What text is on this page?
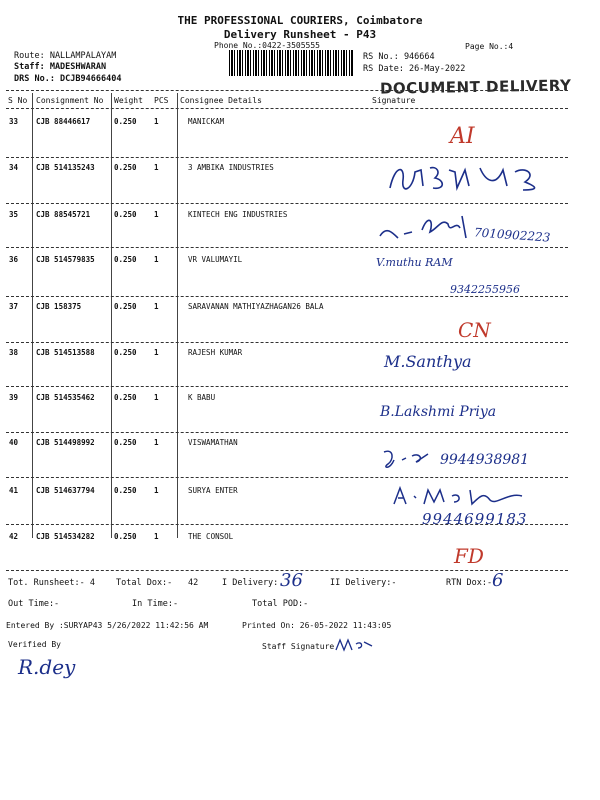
THE PROFESSIONAL COURIERS, Coimbatore
Delivery Runsheet - P43
Phone No.:0422-3505555	Page No.:4
Route: NALLAMPALAYAM
Staff: MADESHWARAN
DRS No.: DCJB94666404
RS No.: 946664
RS Date: 26-May-2022
DOCUMENT DELIVERY
S No Consignment No Weight PCS Consignee Details	Signature
33 CJB 88446617	0.250 1	MANICKAM
AI
34 CJB 514135243	0.250 1	3 AMBIKA INDUSTRIES
35 CJB 88545721	0.250 1	KINTECH ENG INDUSTRIES
7010902223
36 CJB 514579835	0.250 1	VR VALUMAYIL	V.muthu RAM
9342255956
37 CJB 158375	0.250 1	SARAVANAN MATHIYAZHAGAN26 BALA
CN
38 CJB 514513588	0.250 1	RAJESH KUMAR	M.Santhya
39 CJB 514535462	0.250 1	K BABU
B.Lakshmi Priya
40 CJB 514498992	0.250 1	VISWAMATHAN
9944938981
41 CJB 514637794	0.250 1	SURYA ENTER
9944699183
42 CJB 514534282	0.250 1	THE CONSOL
FD
Tot. Runsheet:- 4 Total Dox:- 42	I Delivery: 36	II Delivery:-	RTN Dox:- 6
Out Time:-	In Time:-	Total POD:-
Entered By :SURYAP43 5/26/2022 11:42:56 AM	Printed On: 26-05-2022 11:43:05
Verified By	Staff Signature
R.dey
